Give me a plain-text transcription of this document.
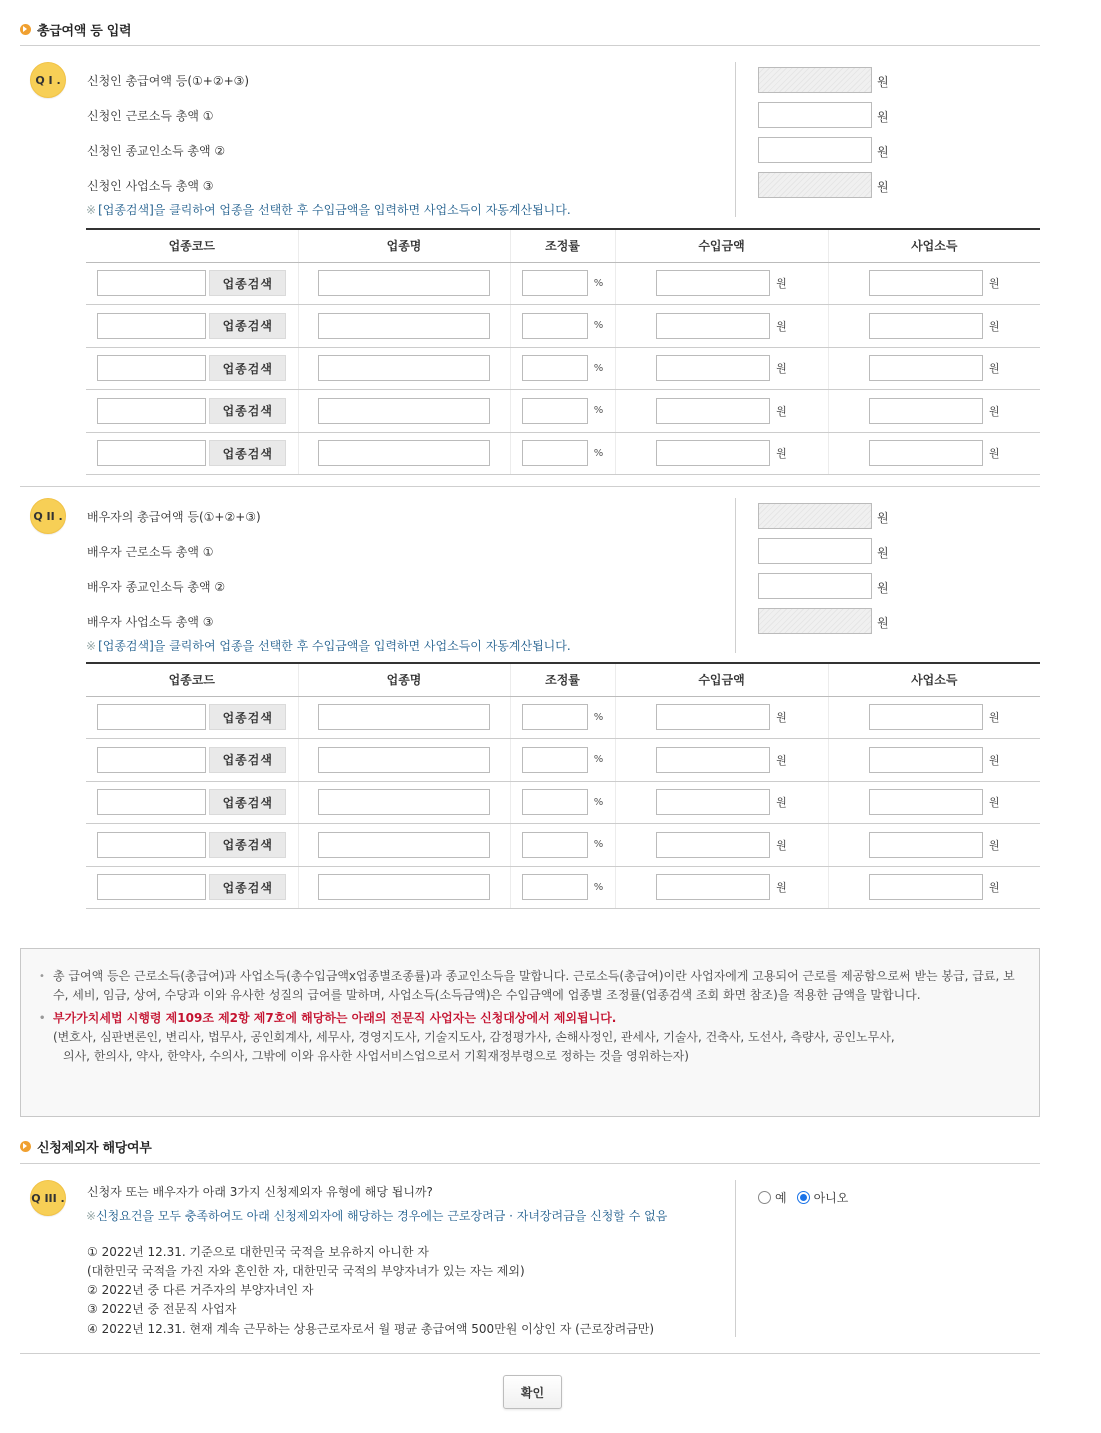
총급여액 등 입력
Q I .	신청인 총급여액 등(①+②+③)
신청인 근로소득 총액 ①
신청인 종교인소득 총액 ②
신청인 사업소득 총액 ③
※ [업종검색]을 클릭하여 업종을 선택한 후 수입금액을 입력하면 사업소득이 자동계산됩니다.
원
원
원
원
업종코드	업종명	조정률	수입금액	사업소득

업종검색		%	원	원

업종검색		%	원	원

업종검색		%	원	원

업종검색		%	원	원

업종검색		%	원	원
Q II . 배우자의 총급여액 등(①+②+③)
배우자 근로소득 총액 ①
배우자 종교인소득 총액 ②
배우자 사업소득 총액 ③
※ [업종검색]을 클릭하여 업종을 선택한 후 수입금액을 입력하면 사업소득이 자동계산됩니다.
원
원
원
원
업종코드	업종명	조정률	수입금액	사업소득

업종검색		%	원	원

업종검색		%	원	원

업종검색		%	원	원

업종검색		%	원	원

업종검색		%	원	원
• 총 급여액 등은 근로소득(총급여)과 사업소득(총수입금액x업종별조종률)과 종교인소득을 말합니다. 근로소득(총급여)이란 사업자에게 고용되어 근로를 제공함으로써 받는 봉급, 급료, 보수, 세비, 임금, 상여, 수당과 이와 유사한 성질의 급여를 말하며, 사업소득(소득금액)은 수입금액에 업종별 조정률(업종검색 조회 화면 참조)을 적용한 금액을 말합니다.
• 부가가치세법 시행령 제109조 제2항 제7호에 해당하는 아래의 전문직 사업자는 신청대상에서 제외됩니다.
(변호사, 심판변론인, 변리사, 법무사, 공인회계사, 세무사, 경영지도사, 기술지도사, 감정평가사, 손해사정인, 관세사, 기술사, 건축사, 도선사, 측량사, 공인노무사,
의사, 한의사, 약사, 한약사, 수의사, 그밖에 이와 유사한 사업서비스업으로서 기획재정부령으로 정하는 것을 영위하는자)
신청제외자 해당여부
Q III . 신청자 또는 배우자가 아래 3가지 신청제외자 유형에 해당 됩니까?
※신청요건을 모두 충족하여도 아래 신청제외자에 해당하는 경우에는 근로장려금 · 자녀장려금을 신청할 수 없음
① 2022년 12.31. 기준으로 대한민국 국적을 보유하지 아니한 자
(대한민국 국적을 가진 자와 혼인한 자, 대한민국 국적의 부양자녀가 있는 자는 제외)
② 2022년 중 다른 거주자의 부양자녀인 자
③ 2022년 중 전문직 사업자
④ 2022년 12.31. 현재 계속 근무하는 상용근로자로서 월 평균 총급여액 500만원 이상인 자 (근로장려금만)
예 아니오
확인
